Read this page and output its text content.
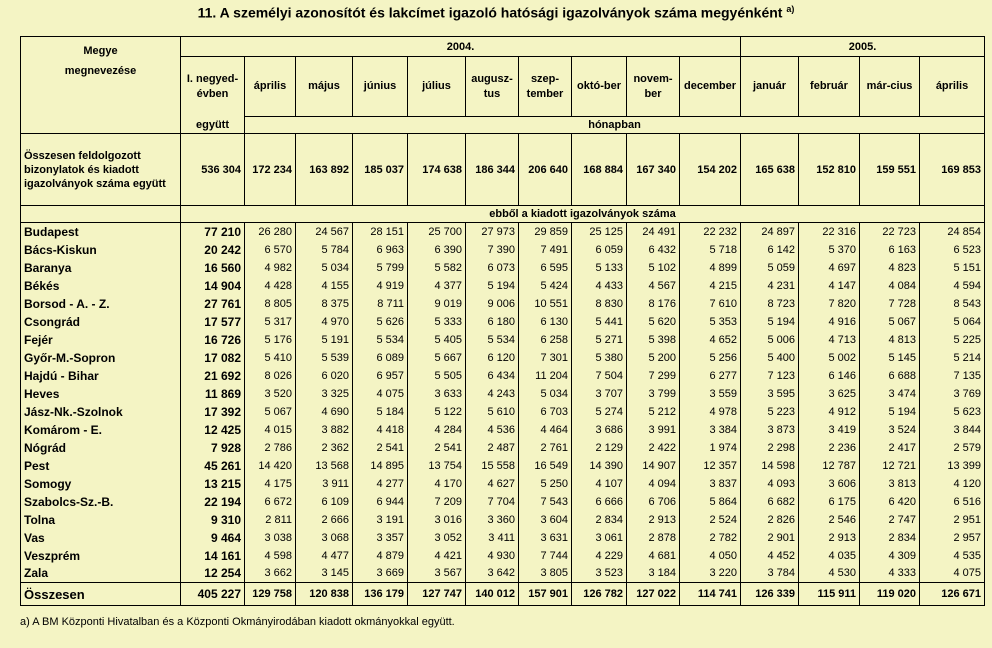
11. A személyi azonosítót és lakcímet igazoló hatósági igazolványok száma megyénként $^{a)}$
Megye
megnevezése	2004.										2005.			
	I. negyed-
évben	április	május	június	július	augusz-tus	szep-tember	októ-ber	novem-ber	december	január	február	már-cius	április
	együtt	hónapban												
Összesen feldolgozott bizonylatok és kiadott igazolványok száma együtt	536 304	172 234	163 892	185 037	174 638	186 344	206 640	168 884	167 340	154 202	165 638	152 810	159 551	169 853
	ebből a kiadott igazolványok száma													
Budapest	77 210	26 280	24 567	28 151	25 700	27 973	29 859	25 125	24 491	22 232	24 897	22 316	22 723	24 854
Bács-Kiskun	20 242	6 570	5 784	6 963	6 390	7 390	7 491	6 059	6 432	5 718	6 142	5 370	6 163	6 523
Baranya	16 560	4 982	5 034	5 799	5 582	6 073	6 595	5 133	5 102	4 899	5 059	4 697	4 823	5 151
Békés	14 904	4 428	4 155	4 919	4 377	5 194	5 424	4 433	4 567	4 215	4 231	4 147	4 084	4 594
Borsod - A. - Z.	27 761	8 805	8 375	8 711	9 019	9 006	10 551	8 830	8 176	7 610	8 723	7 820	7 728	8 543
Csongrád	17 577	5 317	4 970	5 626	5 333	6 180	6 130	5 441	5 620	5 353	5 194	4 916	5 067	5 064
Fejér	16 726	5 176	5 191	5 534	5 405	5 534	6 258	5 271	5 398	4 652	5 006	4 713	4 813	5 225
Győr-M.-Sopron	17 082	5 410	5 539	6 089	5 667	6 120	7 301	5 380	5 200	5 256	5 400	5 002	5 145	5 214
Hajdú - Bihar	21 692	8 026	6 020	6 957	5 505	6 434	11 204	7 504	7 299	6 277	7 123	6 146	6 688	7 135
Heves	11 869	3 520	3 325	4 075	3 633	4 243	5 034	3 707	3 799	3 559	3 595	3 625	3 474	3 769
Jász-Nk.-Szolnok	17 392	5 067	4 690	5 184	5 122	5 610	6 703	5 274	5 212	4 978	5 223	4 912	5 194	5 623
Komárom - E.	12 425	4 015	3 882	4 418	4 284	4 536	4 464	3 686	3 991	3 384	3 873	3 419	3 524	3 844
Nógrád	7 928	2 786	2 362	2 541	2 541	2 487	2 761	2 129	2 422	1 974	2 298	2 236	2 417	2 579
Pest	45 261	14 420	13 568	14 895	13 754	15 558	16 549	14 390	14 907	12 357	14 598	12 787	12 721	13 399
Somogy	13 215	4 175	3 911	4 277	4 170	4 627	5 250	4 107	4 094	3 837	4 093	3 606	3 813	4 120
Szabolcs-Sz.-B.	22 194	6 672	6 109	6 944	7 209	7 704	7 543	6 666	6 706	5 864	6 682	6 175	6 420	6 516
Tolna	9 310	2 811	2 666	3 191	3 016	3 360	3 604	2 834	2 913	2 524	2 826	2 546	2 747	2 951
Vas	9 464	3 038	3 068	3 357	3 052	3 411	3 631	3 061	2 878	2 782	2 901	2 913	2 834	2 957
Veszprém	14 161	4 598	4 477	4 879	4 421	4 930	7 744	4 229	4 681	4 050	4 452	4 035	4 309	4 535
Zala	12 254	3 662	3 145	3 669	3 567	3 642	3 805	3 523	3 184	3 220	3 784	4 530	4 333	4 075
Összesen	405 227	129 758	120 838	136 179	127 747	140 012	157 901	126 782	127 022	114 741	126 339	115 911	119 020	126 671
a) A BM Központi Hivatalban és a Központi Okmányirodában kiadott okmányokkal együtt.
